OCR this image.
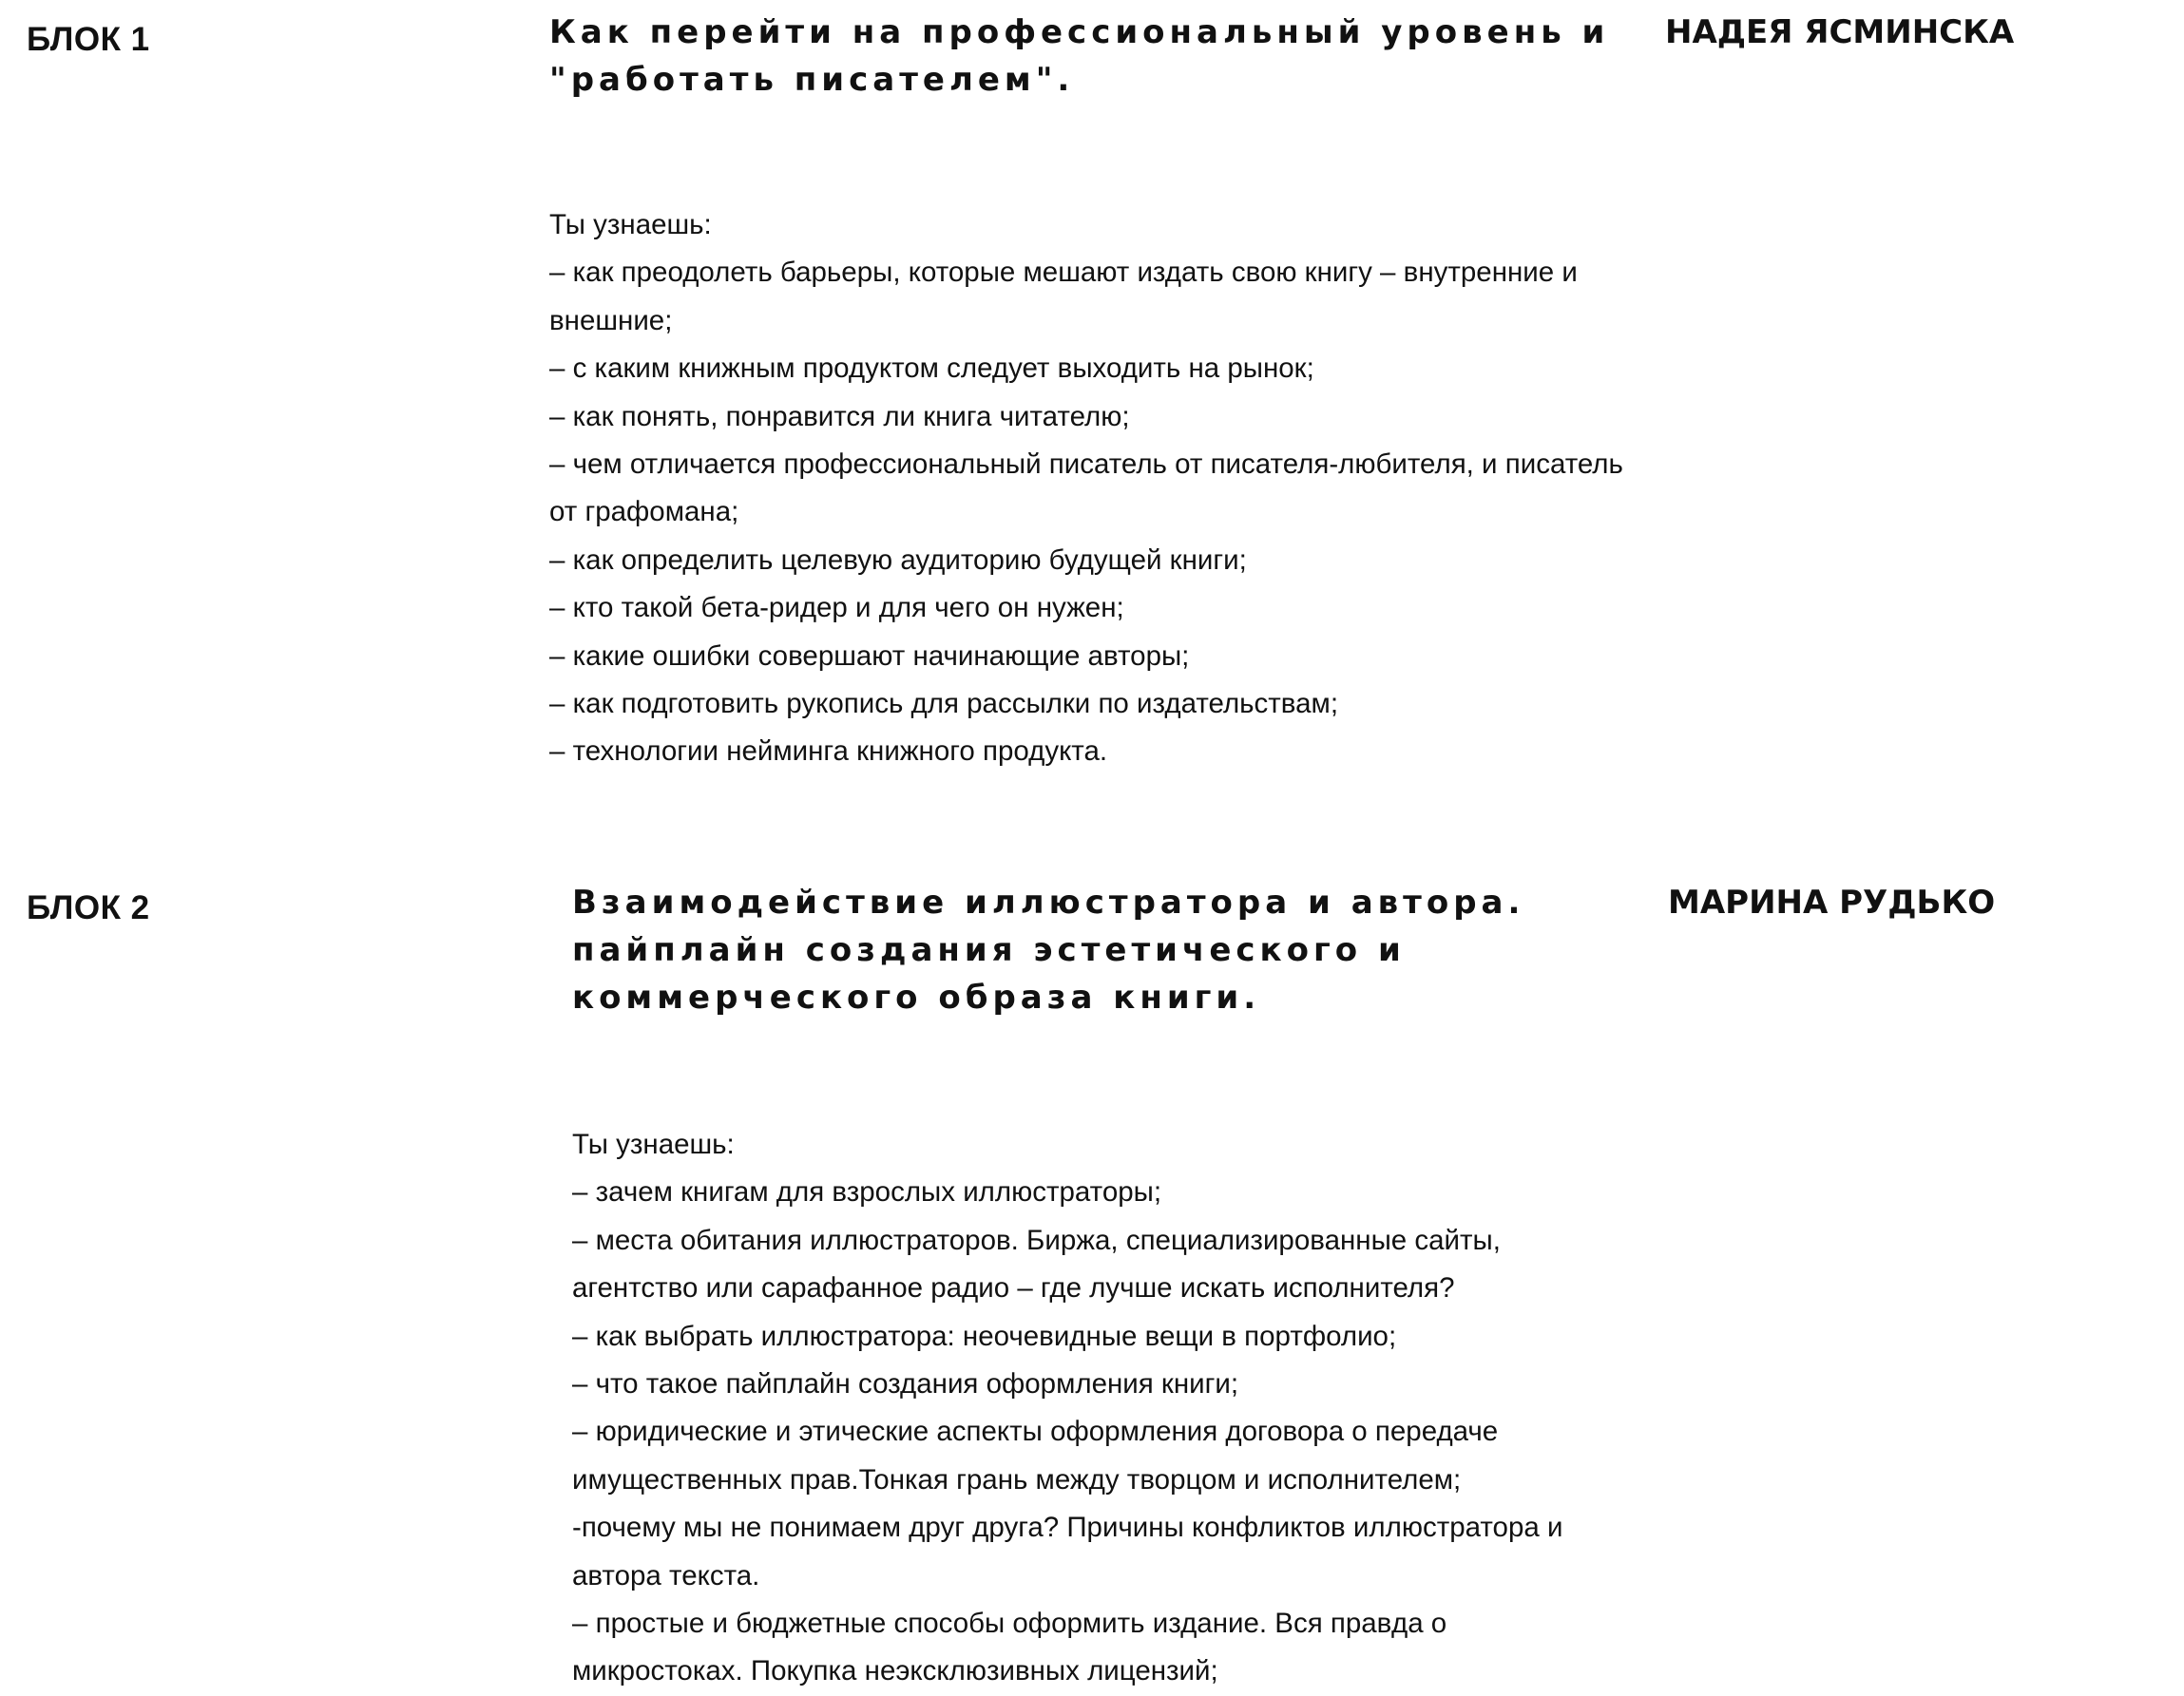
БЛОК 1	Как перейти на профессиональный уровень и "работать писателем".
НАДЕЯ ЯСМИНСКА
Ты узнаешь:
– как преодолеть барьеры, которые мешают издать свою книгу – внутренние и внешние;
– с каким книжным продуктом следует выходить на рынок;
– как понять, понравится ли книга читателю;
– чем отличается профессиональный писатель от писателя-любителя, и писатель от графомана;
– как определить целевую аудиторию будущей книги;
– кто такой бета-ридер и для чего он нужен;
– какие ошибки совершают начинающие авторы;
– как подготовить рукопись для рассылки по издательствам;
– технологии нейминга книжного продукта.
БЛОК 2	Взаимодействие иллюстратора и автора. пайплайн создания эстетического и коммерческого образа книги.
МАРИНА РУДЬКО
Ты узнаешь:
– зачем книгам для взрослых иллюстраторы;
– места обитания иллюстраторов. Биржа, специализированные сайты, агентство или сарафанное радио – где лучше искать исполнителя?
– как выбрать иллюстратора: неочевидные вещи в портфолио;
– что такое пайплайн создания оформления книги;
– юридические и этические аспекты оформления договора о передаче имущественных прав.Тонкая грань между творцом и исполнителем;
-почему мы не понимаем друг друга? Причины конфликтов иллюстратора и автора текста.
– простые и бюджетные способы оформить издание. Вся правда о микростоках. Покупка неэксклюзивных лицензий;
